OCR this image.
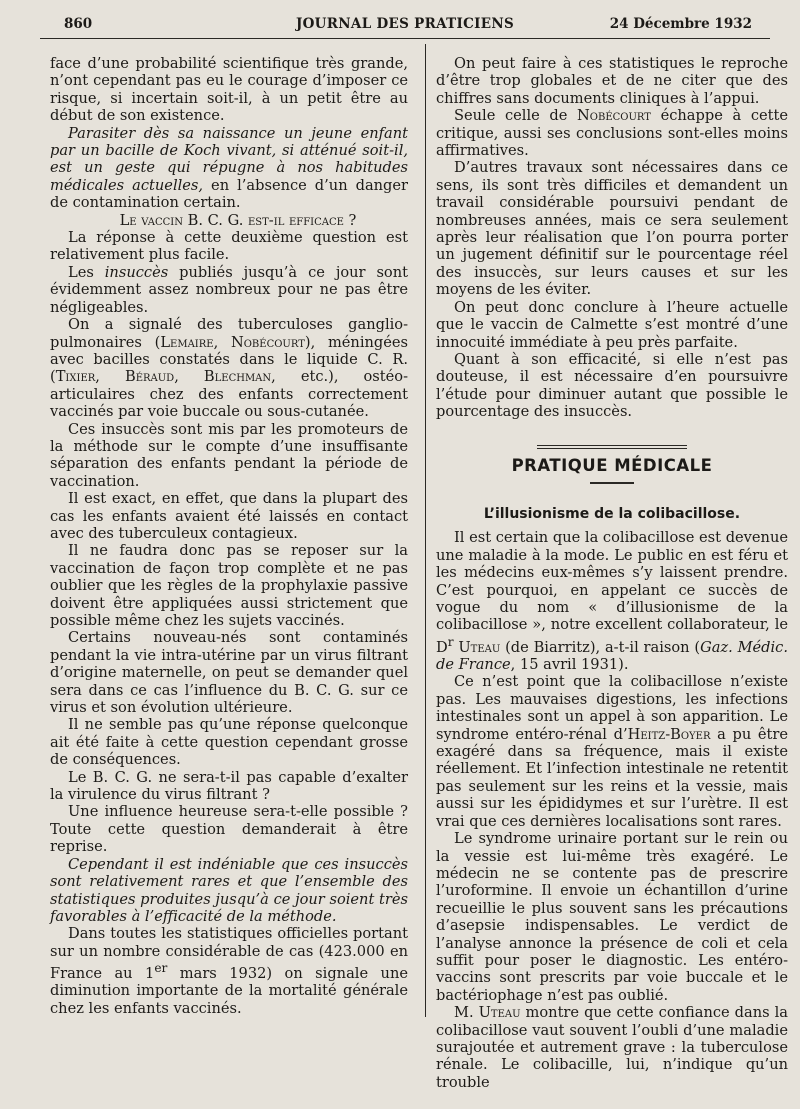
860	JOURNAL DES PRATICIENS	24 Décembre 1932

face d’une probabilité scientifique très grande, n’ont cependant pas eu le courage d’imposer ce risque, si incertain soit-il, à un petit être au début de son existence.

Parasiter dès sa naissance un jeune enfant par un bacille de Koch vivant, si atténué soit-il, est un geste qui répugne à nos habitudes médicales actuelles, en l’absence d’un danger de contamination certain.

Le vaccin B. C. G. est-il efficace ?

La réponse à cette deuxième question est relativement plus facile.

Les insuccès publiés jusqu’à ce jour sont évidemment assez nombreux pour ne pas être négligeables.

On a signalé des tuberculoses ganglio-pulmonaires (Lemaire, Nobécourt), méningées avec bacilles constatés dans le liquide C. R. (Tixier, Béraud, Blechman, etc.), ostéo-articulaires chez des enfants correctement vaccinés par voie buccale ou sous-cutanée.

Ces insuccès sont mis par les promoteurs de la méthode sur le compte d’une insuffisante séparation des enfants pendant la période de vaccination.

Il est exact, en effet, que dans la plupart des cas les enfants avaient été laissés en contact avec des tuberculeux contagieux.

Il ne faudra donc pas se reposer sur la vaccination de façon trop complète et ne pas oublier que les règles de la prophylaxie passive doivent être appliquées aussi strictement que possible même chez les sujets vaccinés.

Certains nouveau-nés sont contaminés pendant la vie intra-utérine par un virus filtrant d’origine maternelle, on peut se demander quel sera dans ce cas l’influence du B. C. G. sur ce virus et son évolution ultérieure.

Il ne semble pas qu’une réponse quelconque ait été faite à cette question cependant grosse de conséquences.

Le B. C. G. ne sera-t-il pas capable d’exalter la virulence du virus filtrant ?

Une influence heureuse sera-t-elle possible ? Toute cette question demanderait à être reprise.

Cependant il est indéniable que ces insuccès sont relativement rares et que l’ensemble des statistiques produites jusqu’à ce jour soient très favorables à l’efficacité de la méthode.

Dans toutes les statistiques officielles portant sur un nombre considérable de cas (423.000 en France au 1er mars 1932) on signale une diminution importante de la mortalité générale chez les enfants vaccinés.

On peut faire à ces statistiques le reproche d’être trop globales et de ne citer que des chiffres sans documents cliniques à l’appui.

Seule celle de Nobécourt échappe à cette critique, aussi ses conclusions sont-elles moins affirmatives.

D’autres travaux sont nécessaires dans ce sens, ils sont très difficiles et demandent un travail considérable poursuivi pendant de nombreuses années, mais ce sera seulement après leur réalisation que l’on pourra porter un jugement définitif sur le pourcentage réel des insuccès, sur leurs causes et sur les moyens de les éviter.

On peut donc conclure à l’heure actuelle que le vaccin de Calmette s’est montré d’une innocuité immédiate à peu près parfaite.

Quant à son efficacité, si elle n’est pas douteuse, il est nécessaire d’en poursuivre l’étude pour diminuer autant que possible le pourcentage des insuccès.

PRATIQUE MÉDICALE
L’illusionisme de la colibacillose.

Il est certain que la colibacillose est devenue une maladie à la mode. Le public en est féru et les médecins eux-mêmes s’y laissent prendre. C’est pourquoi, en appelant ce succès de vogue du nom « d’illusionisme de la colibacillose », notre excellent collaborateur, le $D^r$ Uteau (de Biarritz), a-t-il raison (Gaz. Médic. de France, 15 avril 1931).

Ce n’est point que la colibacillose n’existe pas. Les mauvaises digestions, les infections intestinales sont un appel à son apparition. Le syndrome entéro-rénal d’Heitz-Boyer a pu être exagéré dans sa fréquence, mais il existe réellement. Et l’infection intestinale ne retentit pas seulement sur les reins et la vessie, mais aussi sur les épididymes et sur l’urètre. Il est vrai que ces dernières localisations sont rares.

Le syndrome urinaire portant sur le rein ou la vessie est lui-même très exagéré. Le médecin ne se contente pas de prescrire l’uroformine. Il envoie un échantillon d’urine recueillie le plus souvent sans les précautions d’asepsie indispensables. Le verdict de l’analyse annonce la présence de coli et cela suffit pour poser le diagnostic. Les entéro-vaccins sont prescrits par voie buccale et le bactériophage n’est pas oublié.

M. Uteau montre que cette confiance dans la colibacillose vaut souvent l’oubli d’une maladie surajoutée et autrement grave : la tuberculose rénale. Le colibacille, lui, n’indique qu’un trouble
